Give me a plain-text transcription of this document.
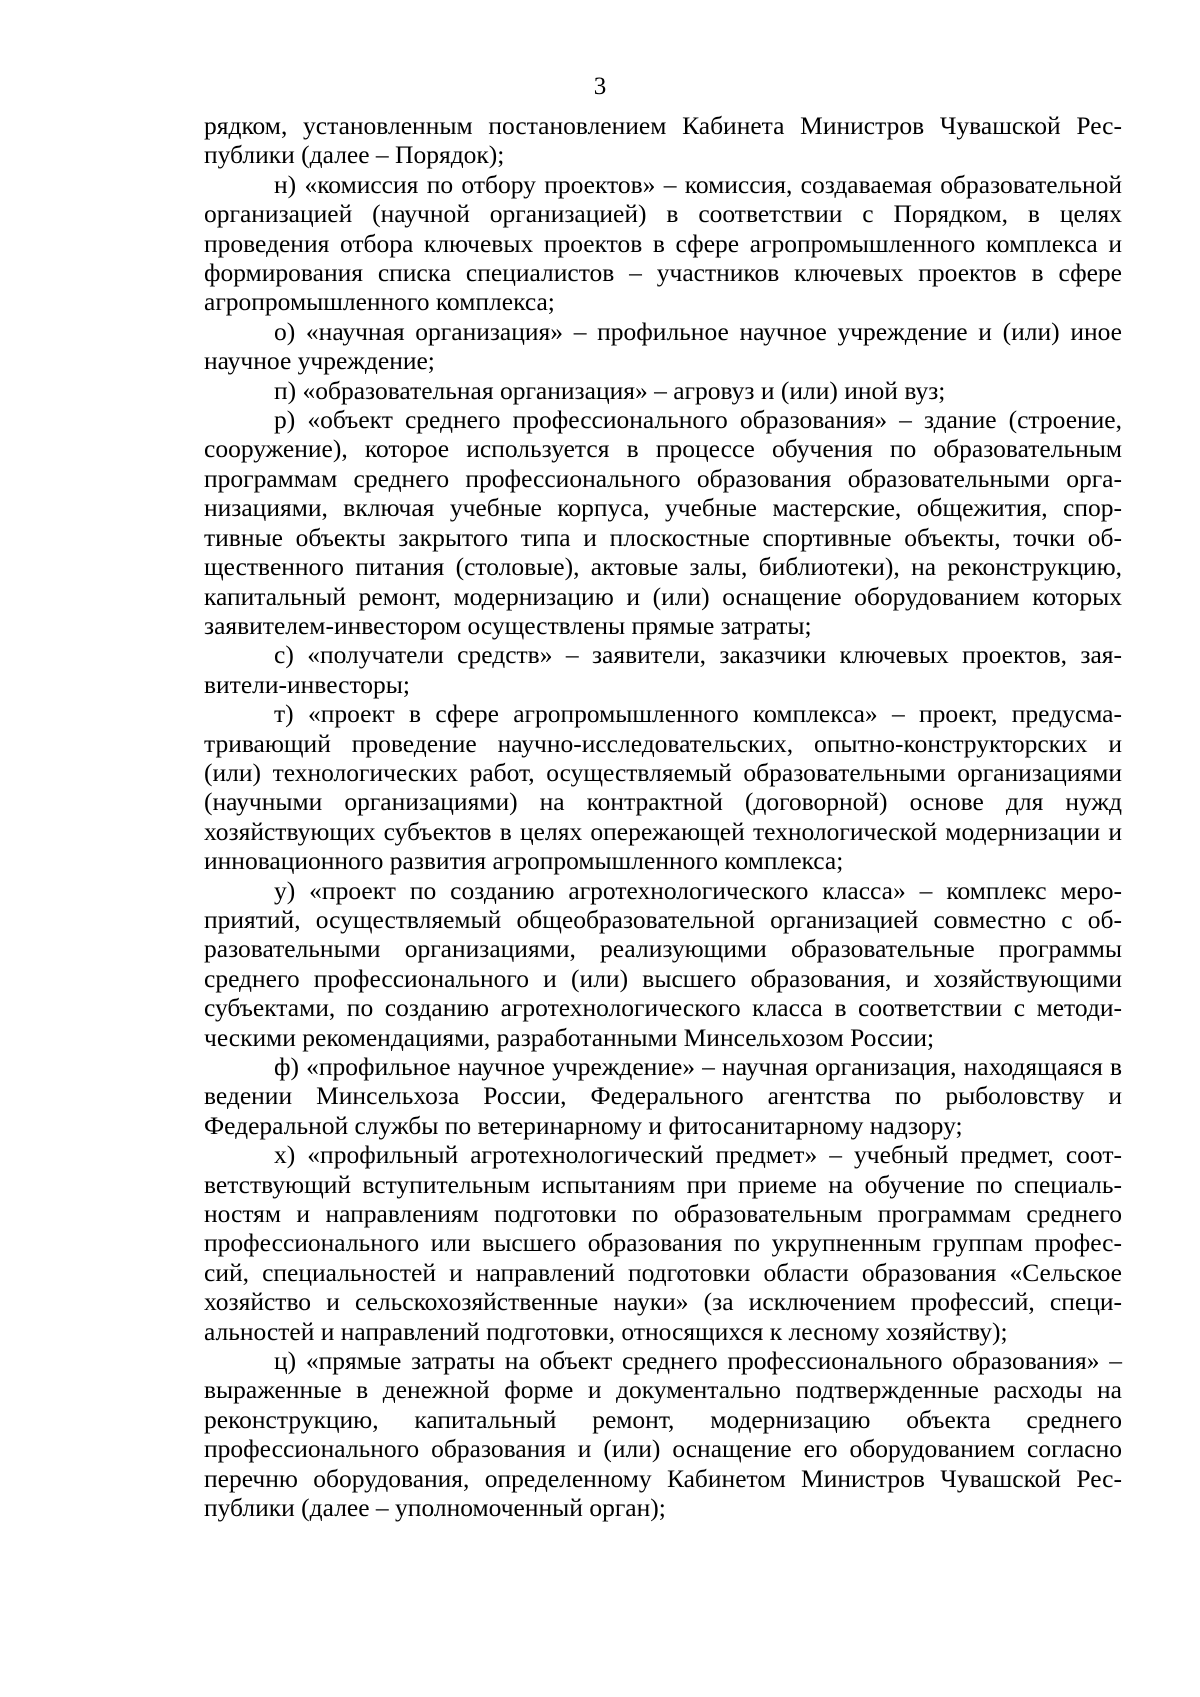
3

рядком, установленным постановлением Кабинета Министров Чувашской Республики (далее – Порядок);

н) «комиссия по отбору проектов» – комиссия, создаваемая образовательной организацией (научной организацией) в соответствии с Порядком, в целях проведения отбора ключевых проектов в сфере агропромышленного комплекса и формирования списка специалистов – участников ключевых проектов в сфере агропромышленного комплекса;

о) «научная организация» – профильное научное учреждение и (или) иное научное учреждение;

п) «образовательная организация» – агровуз и (или) иной вуз;

р) «объект среднего профессионального образования» – здание (строение, сооружение), которое используется в процессе обучения по образовательным программам среднего профессионального образования образовательными организациями, включая учебные корпуса, учебные мастерские, общежития, спортивные объекты закрытого типа и плоскостные спортивные объекты, точки общественного питания (столовые), актовые залы, библиотеки), на реконструкцию, капитальный ремонт, модернизацию и (или) оснащение оборудованием которых заявителем-инвестором осуществлены прямые затраты;

с) «получатели средств» – заявители, заказчики ключевых проектов, заявители-инвесторы;

т) «проект в сфере агропромышленного комплекса» – проект, предусматривающий проведение научно-исследовательских, опытно-конструкторских и (или) технологических работ, осуществляемый образовательными организациями (научными организациями) на контрактной (договорной) основе для нужд хозяйствующих субъектов в целях опережающей технологической модернизации и инновационного развития агропромышленного комплекса;

у) «проект по созданию агротехнологического класса» – комплекс мероприятий, осуществляемый общеобразовательной организацией совместно с образовательными организациями, реализующими образовательные программы среднего профессионального и (или) высшего образования, и хозяйствующими субъектами, по созданию агротехнологического класса в соответствии с методическими рекомендациями, разработанными Минсельхозом России;

ф) «профильное научное учреждение» – научная организация, находящаяся в ведении Минсельхоза России, Федерального агентства по рыболовству и Федеральной службы по ветеринарному и фитосанитарному надзору;

х) «профильный агротехнологический предмет» – учебный предмет, соответствующий вступительным испытаниям при приеме на обучение по специальностям и направлениям подготовки по образовательным программам среднего профессионального или высшего образования по укрупненным группам профессий, специальностей и направлений подготовки области образования «Сельское хозяйство и сельскохозяйственные науки» (за исключением профессий, специальностей и направлений подготовки, относящихся к лесному хозяйству);

ц) «прямые затраты на объект среднего профессионального образования» – выраженные в денежной форме и документально подтвержденные расходы на реконструкцию, капитальный ремонт, модернизацию объекта среднего профессионального образования и (или) оснащение его оборудованием согласно перечню оборудования, определенному Кабинетом Министров Чувашской Республики (далее – уполномоченный орган);
